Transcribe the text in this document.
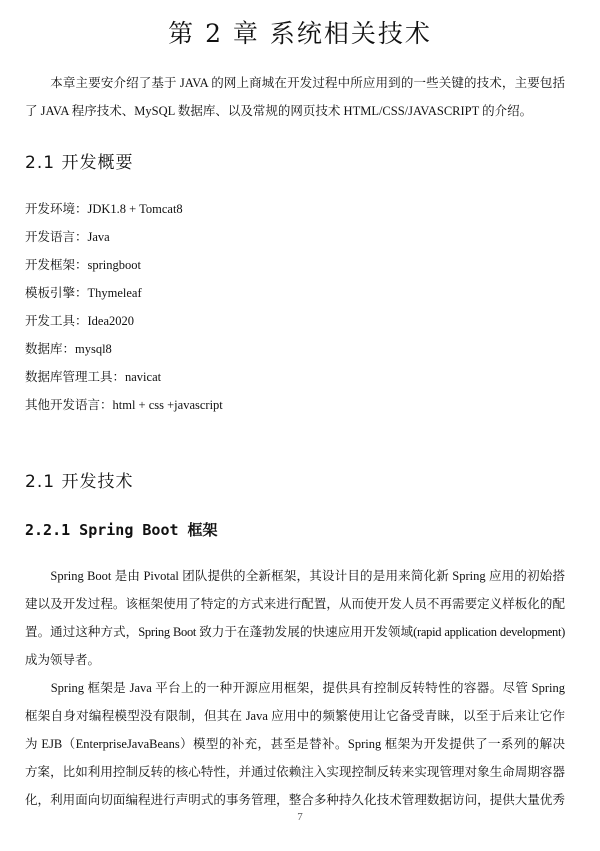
第 2 章 系统相关技术
　　本章主要安介绍了基于 JAVA 的网上商城在开发过程中所应用到的一些关键的技术，主要包括
了 JAVA 程序技术、MySQL 数据库、以及常规的网页技术 HTML/CSS/JAVASCRIPT 的介绍。
2.1 开发概要
开发环境：JDK1.8 + Tomcat8
开发语言：Java
开发框架：springboot
模板引擎：Thymeleaf
开发工具：Idea2020
数据库：mysql8
数据库管理工具：navicat
其他开发语言：html + css +javascript
2.1 开发技术
2.2.1 Spring Boot 框架
　　Spring Boot 是由 Pivotal 团队提供的全新框架，其设计目的是用来简化新 Spring 应用的初始搭
建以及开发过程。该框架使用了特定的方式来进行配置，从而使开发人员不再需要定义样板化的配
置。通过这种方式，Spring Boot 致力于在蓬勃发展的快速应用开发领域(rapid application development)
成为领导者。
　　Spring 框架是 Java 平台上的一种开源应用框架，提供具有控制反转特性的容器。尽管 Spring
框架自身对编程模型没有限制，但其在 Java 应用中的频繁使用让它备受青睐，以至于后来让它作
为 EJB（EnterpriseJavaBeans）模型的补充，甚至是替补。Spring 框架为开发提供了一系列的解决
方案，比如利用控制反转的核心特性，并通过依赖注入实现控制反转来实现管理对象生命周期容器
化，利用面向切面编程进行声明式的事务管理，整合多种持久化技术管理数据访问，提供大量优秀
7
